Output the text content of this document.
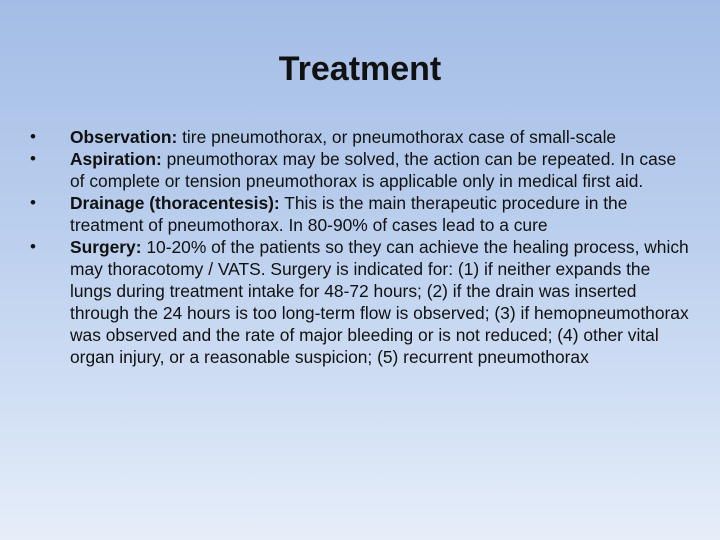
Treatment
•	Observation: tire pneumothorax, or pneumothorax case of small-scale
•	Aspiration: pneumothorax may be solved, the action can be repeated. In case of complete or tension pneumothorax is applicable only in medical first aid.
•	Drainage (thoracentesis): This is the main therapeutic procedure in the treatment of pneumothorax. In 80-90% of cases lead to a cure
•	Surgery: 10-20% of the patients so they can achieve the healing process, which may thoracotomy / VATS. Surgery is indicated for: (1) if neither expands the lungs during treatment intake for 48-72 hours; (2) if the drain was inserted through the 24 hours is too long-term flow is observed; (3) if hemopneumothorax was observed and the rate of major bleeding or is not reduced; (4) other vital organ injury, or a reasonable suspicion; (5) recurrent pneumothorax
